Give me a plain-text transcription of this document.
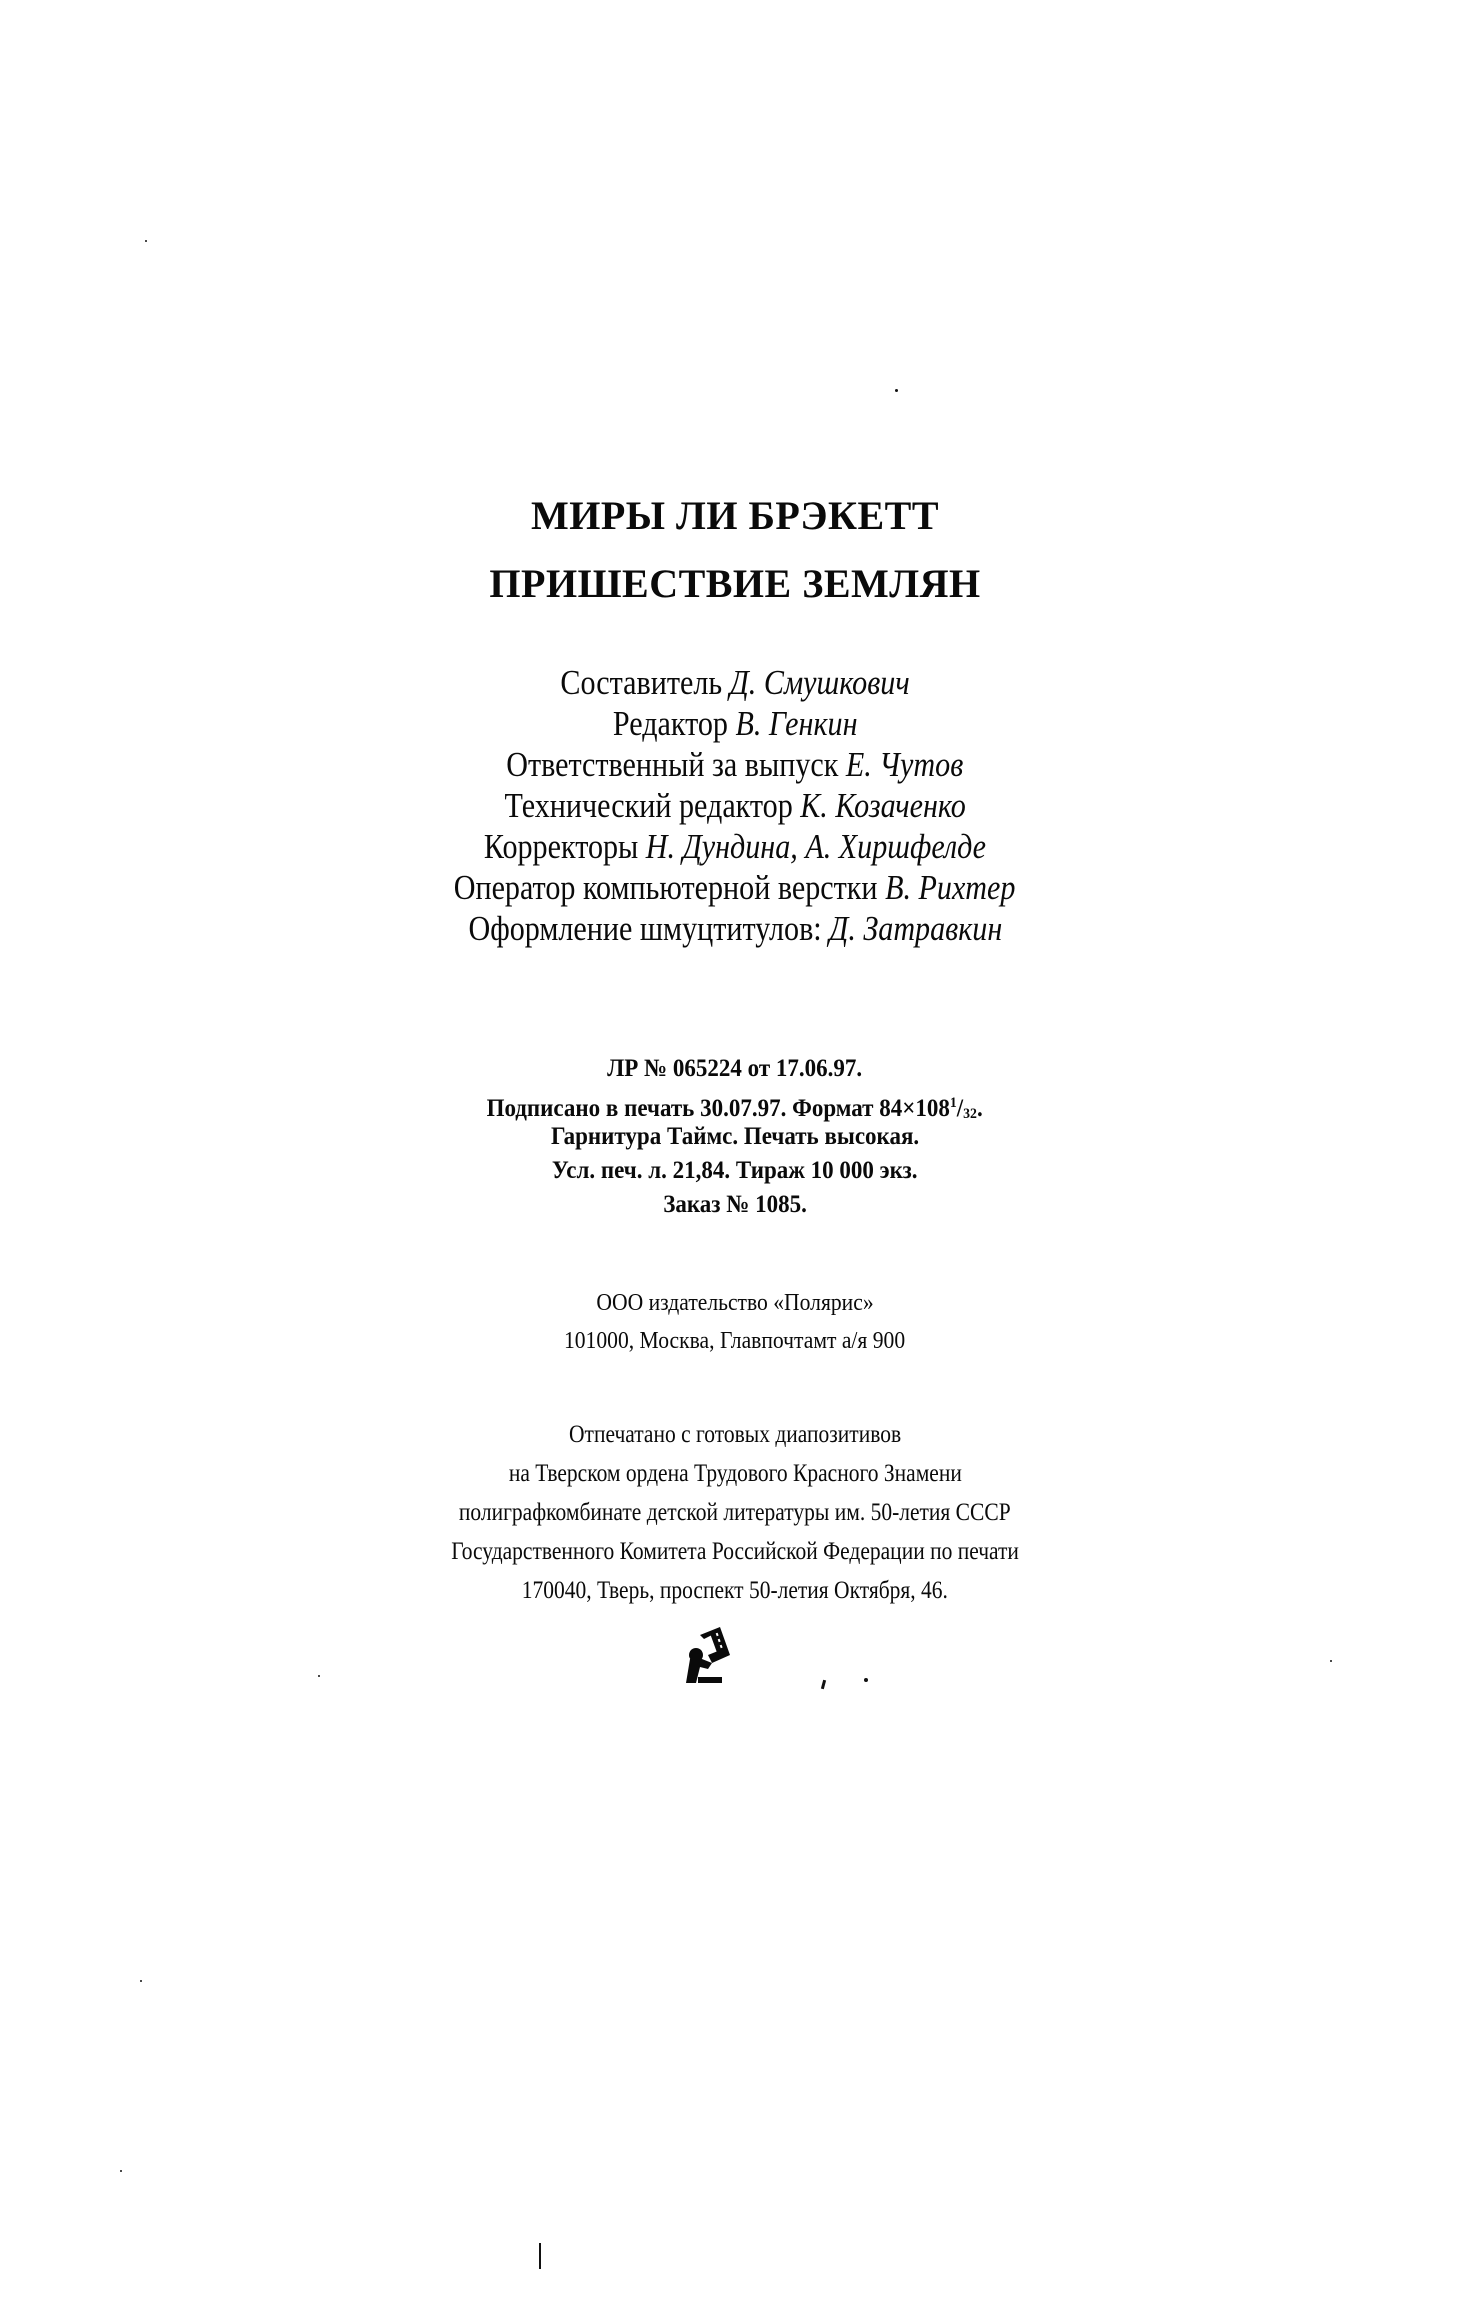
МИРЫ ЛИ БРЭКЕТТ
ПРИШЕСТВИЕ ЗЕМЛЯН
Составитель Д. Смушкович
Редактор В. Генкин
Ответственный за выпуск Е. Чутов
Технический редактор К. Козаченко
Корректоры Н. Дундина, А. Хиршфелде
Оператор компьютерной верстки В. Рихтер
Оформление шмуцтитулов: Д. Затравкин
ЛР № 065224 от 17.06.97.
Подписано в печать 30.07.97. Формат $84\times 108^1/_{32}$.
Гарнитура Таймс. Печать высокая.
Усл. печ. л. 21,84. Тираж 10 000 экз.
Заказ № 1085.
ООО издательство «Полярис»
101000, Москва, Главпочтамт а/я 900
Отпечатано с готовых диапозитивов
на Тверском ордена Трудового Красного Знамени
полиграфкомбинате детской литературы им. 50-летия СССР
Государственного Комитета Российской Федерации по печати
170040, Тверь, проспект 50-летия Октября, 46.
